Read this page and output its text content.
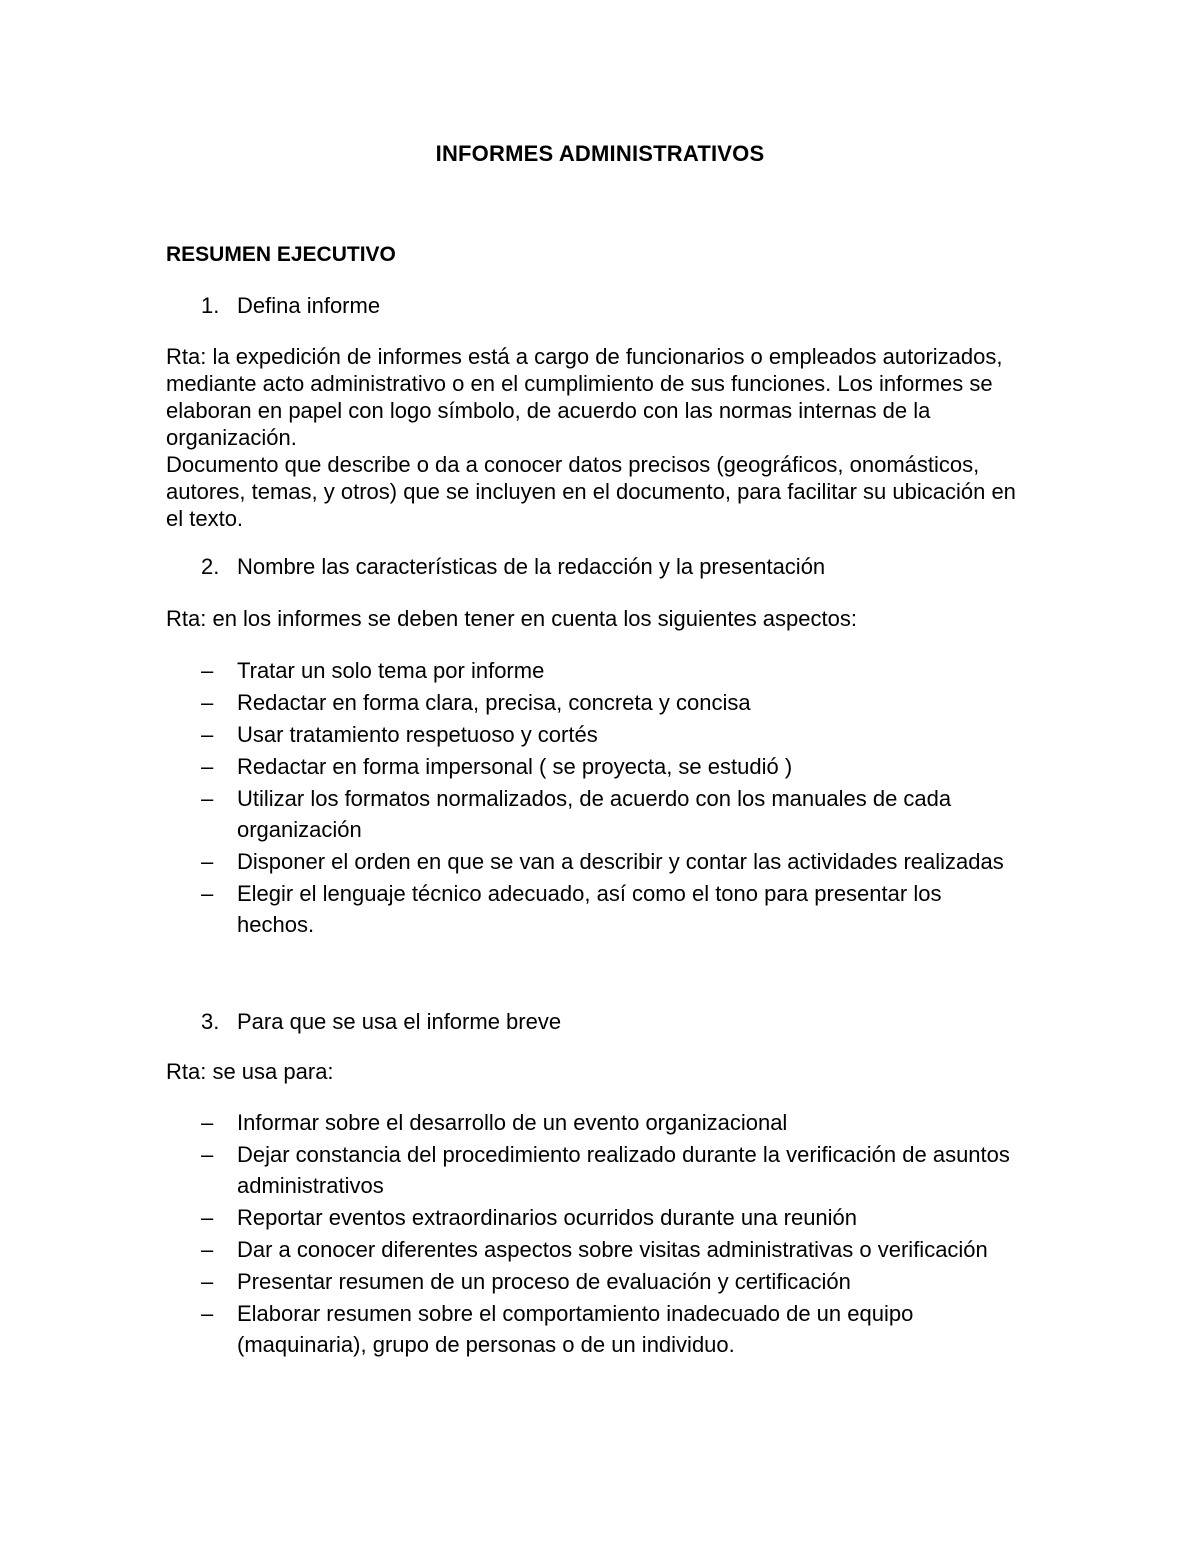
INFORMES ADMINISTRATIVOS
RESUMEN EJECUTIVO
1. Defina informe

Rta: la expedición de informes está a cargo de funcionarios o empleados autorizados, mediante acto administrativo o en el cumplimiento de sus funciones. Los informes se elaboran en papel con logo símbolo, de acuerdo con las normas internas de la organización.

Documento que describe o da a conocer datos precisos (geográficos, onomásticos, autores, temas, y otros) que se incluyen en el documento, para facilitar su ubicación en el texto.

2. Nombre las características de la redacción y la presentación
Rta: en los informes se deben tener en cuenta los siguientes aspectos:
– Tratar un solo tema por informe
– Redactar en forma clara, precisa, concreta y concisa
– Usar tratamiento respetuoso y cortés
– Redactar en forma impersonal ( se proyecta, se estudió )
– Utilizar los formatos normalizados, de acuerdo con los manuales de cada organización
– Disponer el orden en que se van a describir y contar las actividades realizadas
– Elegir el lenguaje técnico adecuado, así como el tono para presentar los hechos.
3. Para que se usa el informe breve
Rta: se usa para:
– Informar sobre el desarrollo de un evento organizacional
– Dejar constancia del procedimiento realizado durante la verificación de asuntos administrativos
– Reportar eventos extraordinarios ocurridos durante una reunión
– Dar a conocer diferentes aspectos sobre visitas administrativas o verificación
– Presentar resumen de un proceso de evaluación y certificación
– Elaborar resumen sobre el comportamiento inadecuado de un equipo (maquinaria), grupo de personas o de un individuo.
